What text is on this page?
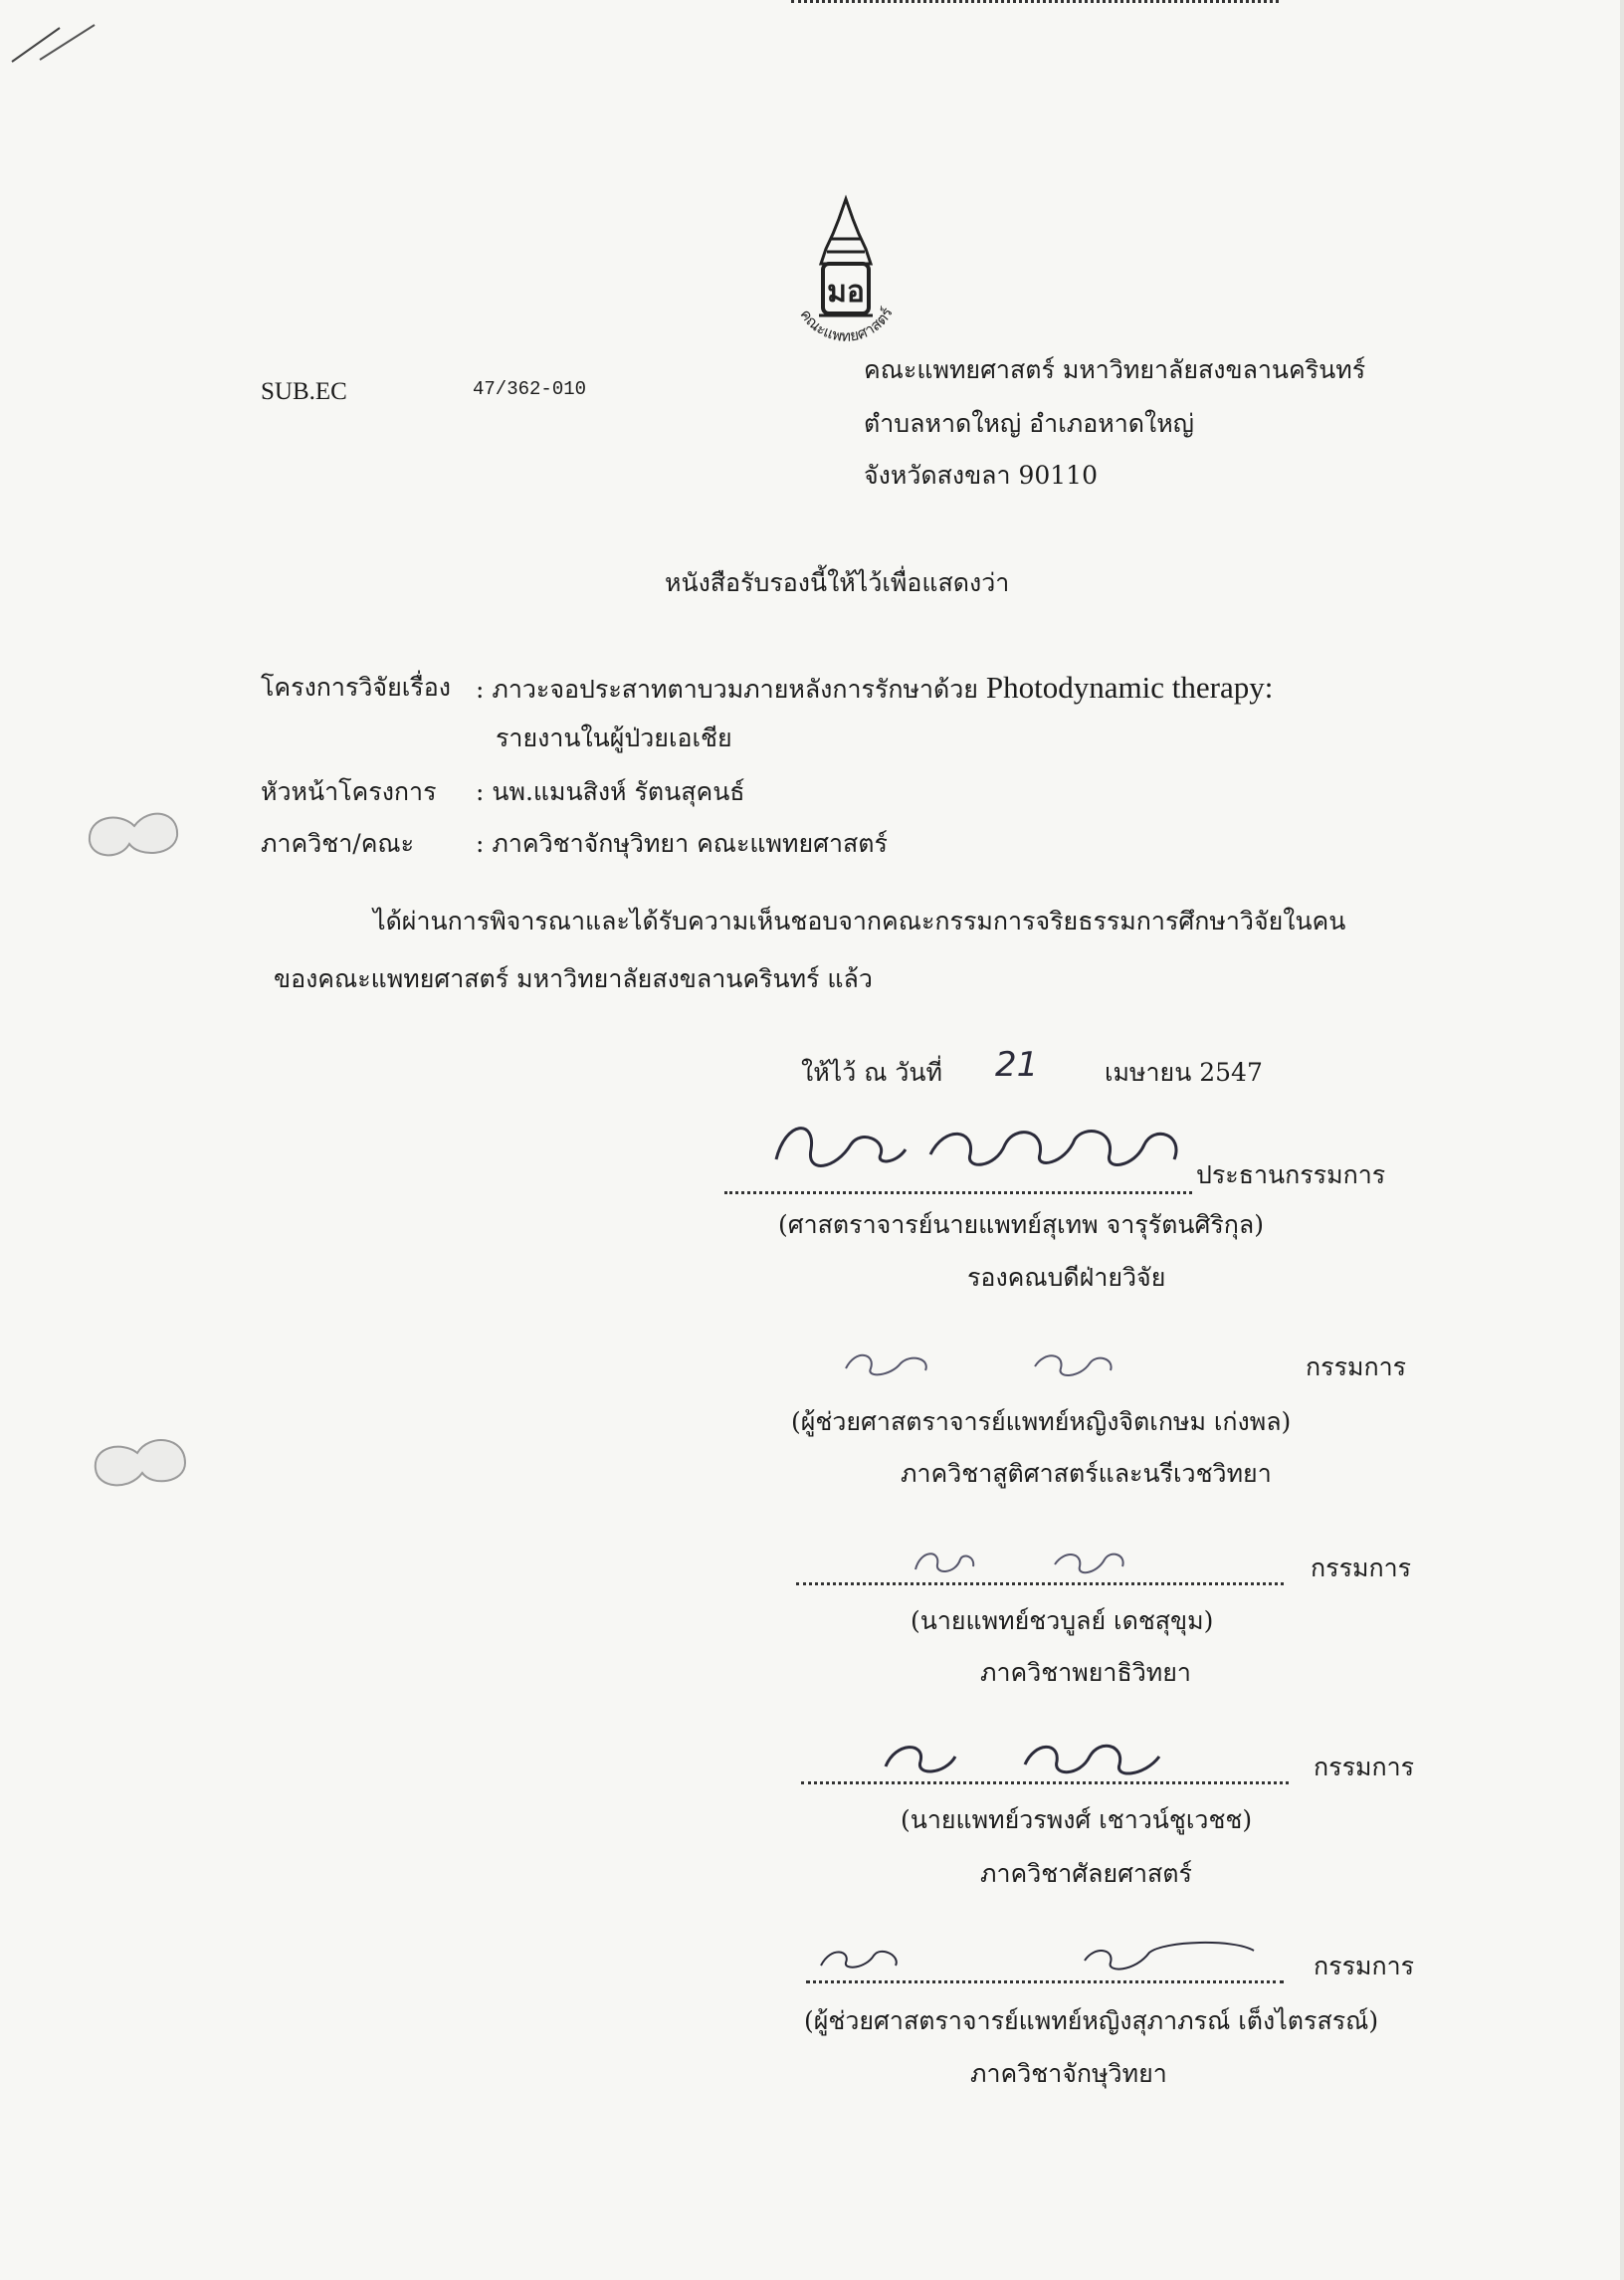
มอ
คณะแพทยศาสตร์
SUB.EC	47/362-010
คณะแพทยศาสตร์ มหาวิทยาลัยสงขลานครินทร์
ตำบลหาดใหญ่ อำเภอหาดใหญ่
จังหวัดสงขลา 90110
หนังสือรับรองนี้ให้ไว้เพื่อแสดงว่า
โครงการวิจัยเรื่อง : ภาวะจอประสาทตาบวมภายหลังการรักษาด้วย Photodynamic therapy:
รายงานในผู้ป่วยเอเชีย
หัวหน้าโครงการ : นพ.แมนสิงห์ รัตนสุคนธ์
ภาควิชา/คณะ : ภาควิชาจักษุวิทยา คณะแพทยศาสตร์
ได้ผ่านการพิจารณาและได้รับความเห็นชอบจากคณะกรรมการจริยธรรมการศึกษาวิจัยในคน
ของคณะแพทยศาสตร์ มหาวิทยาลัยสงขลานครินทร์ แล้ว
ให้ไว้ ณ วันที่ 21	เมษายน 2547
ประธานกรรมการ
(ศาสตราจารย์นายแพทย์สุเทพ จารุรัตนศิริกุล)
รองคณบดีฝ่ายวิจัย
กรรมการ
(ผู้ช่วยศาสตราจารย์แพทย์หญิงจิตเกษม เก่งพล)
ภาควิชาสูติศาสตร์และนรีเวชวิทยา
กรรมการ
(นายแพทย์ชวบูลย์ เดชสุขุม)
ภาควิชาพยาธิวิทยา
กรรมการ
(นายแพทย์วรพงศ์ เชาวน์ชูเวชช)
ภาควิชาศัลยศาสตร์
กรรมการ
(ผู้ช่วยศาสตราจารย์แพทย์หญิงสุภาภรณ์ เต็งไตรสรณ์)
ภาควิชาจักษุวิทยา
